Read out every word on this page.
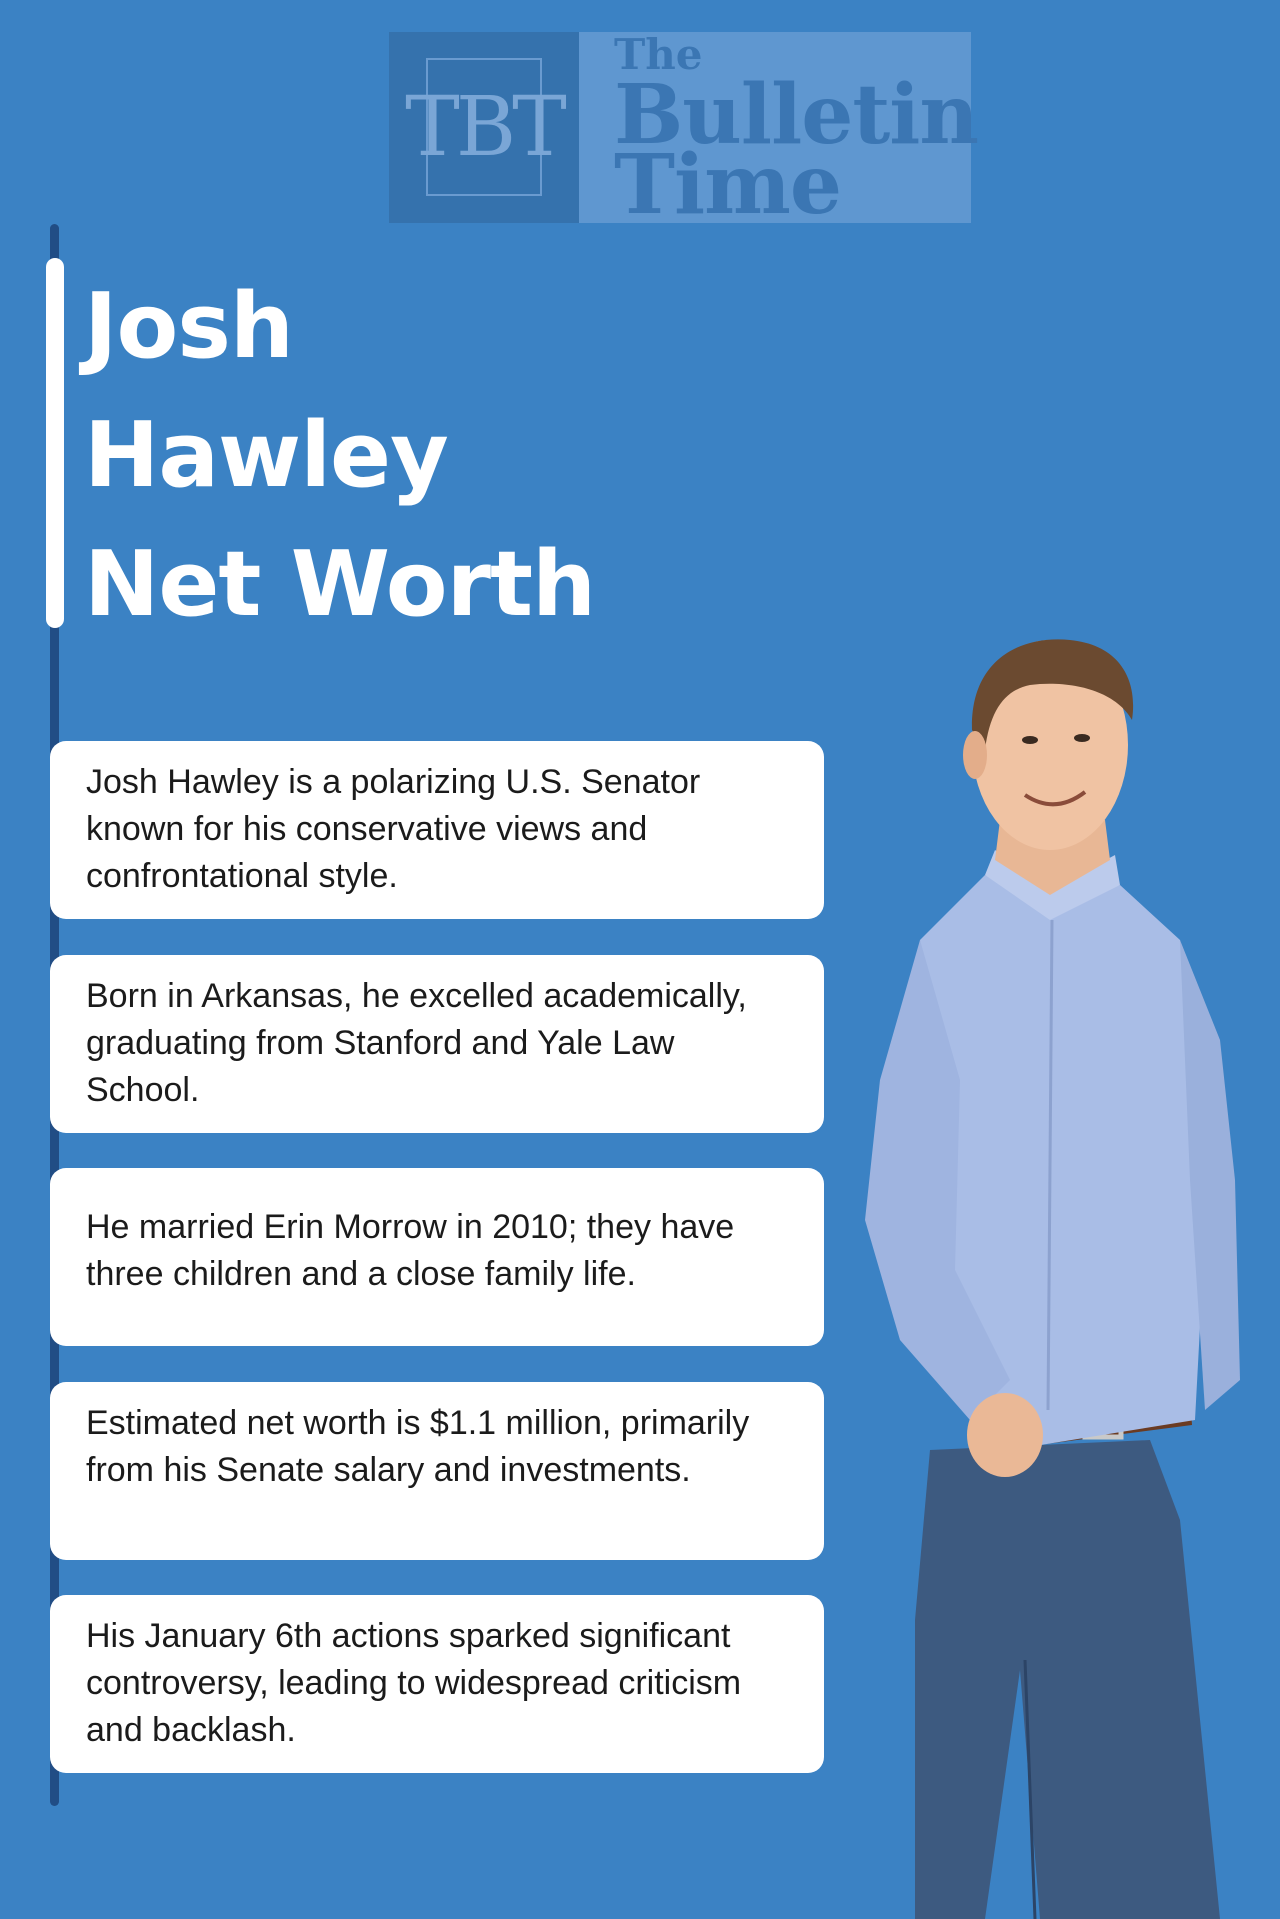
TBT
The
Bulletin
Time
Josh
Hawley
Net Worth
Josh Hawley is a polarizing U.S. Senator known for his conservative views and confrontational style.
Born in Arkansas, he excelled academically, graduating from Stanford and Yale Law School.
He married Erin Morrow in 2010; they have three children and a close family life.
Estimated net worth is $1.1 million, primarily from his Senate salary and investments.
His January 6th actions sparked significant controversy, leading to widespread criticism and backlash.
